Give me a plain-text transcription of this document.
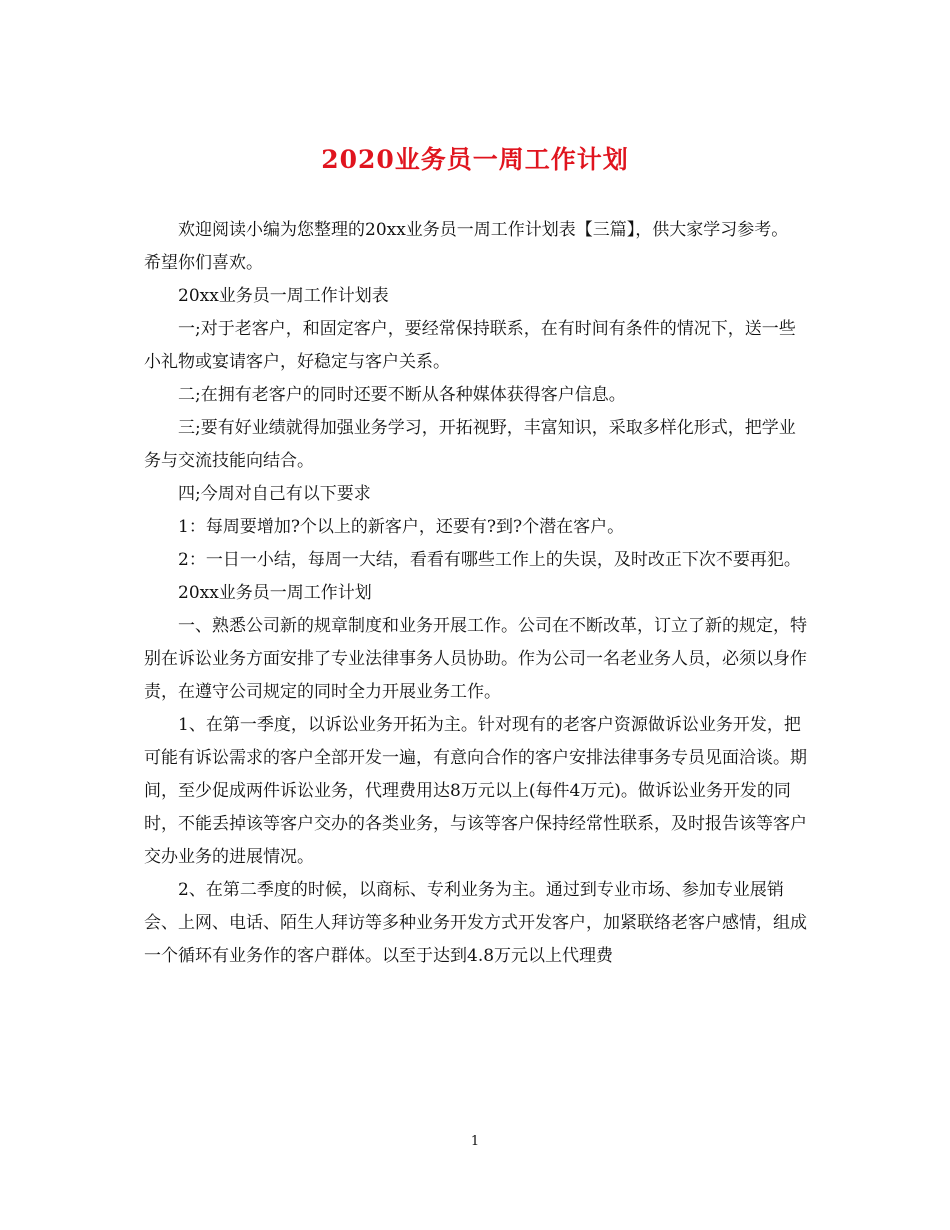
2020业务员一周工作计划

欢迎阅读小编为您整理的20xx业务员一周工作计划表【三篇】，供大家学习参考。 希望你们喜欢。

20xx业务员一周工作计划表

一;对于老客户，和固定客户，要经常保持联系，在有时间有条件的情况下，送一些小礼物或宴请客户，好稳定与客户关系。

二;在拥有老客户的同时还要不断从各种媒体获得客户信息。

三;要有好业绩就得加强业务学习，开拓视野，丰富知识，采取多样化形式，把学业务与交流技能向结合。

四;今周对自己有以下要求

1：每周要增加?个以上的新客户，还要有?到?个潜在客户。

2：一日一小结，每周一大结，看看有哪些工作上的失误，及时改正下次不要再犯。

20xx业务员一周工作计划

一、熟悉公司新的规章制度和业务开展工作。公司在不断改革，订立了新的规定，特别在诉讼业务方面安排了专业法律事务人员协助。作为公司一名老业务人员，必须以身作责，在遵守公司规定的同时全力开展业务工作。

1、在第一季度，以诉讼业务开拓为主。针对现有的老客户资源做诉讼业务开发，把可能有诉讼需求的客户全部开发一遍，有意向合作的客户安排法律事务专员见面洽谈。期间，至少促成两件诉讼业务，代理费用达8万元以上(每件4万元)。做诉讼业务开发的同时，不能丢掉该等客户交办的各类业务，与该等客户保持经常性联系，及时报告该等客户交办业务的进展情况。

2、在第二季度的时候，以商标、专利业务为主。通过到专业市场、参加专业展销会、上网、电话、陌生人拜访等多种业务开发方式开发客户，加紧联络老客户感情，组成一个循环有业务作的客户群体。以至于达到4.8万元以上代理费

1
